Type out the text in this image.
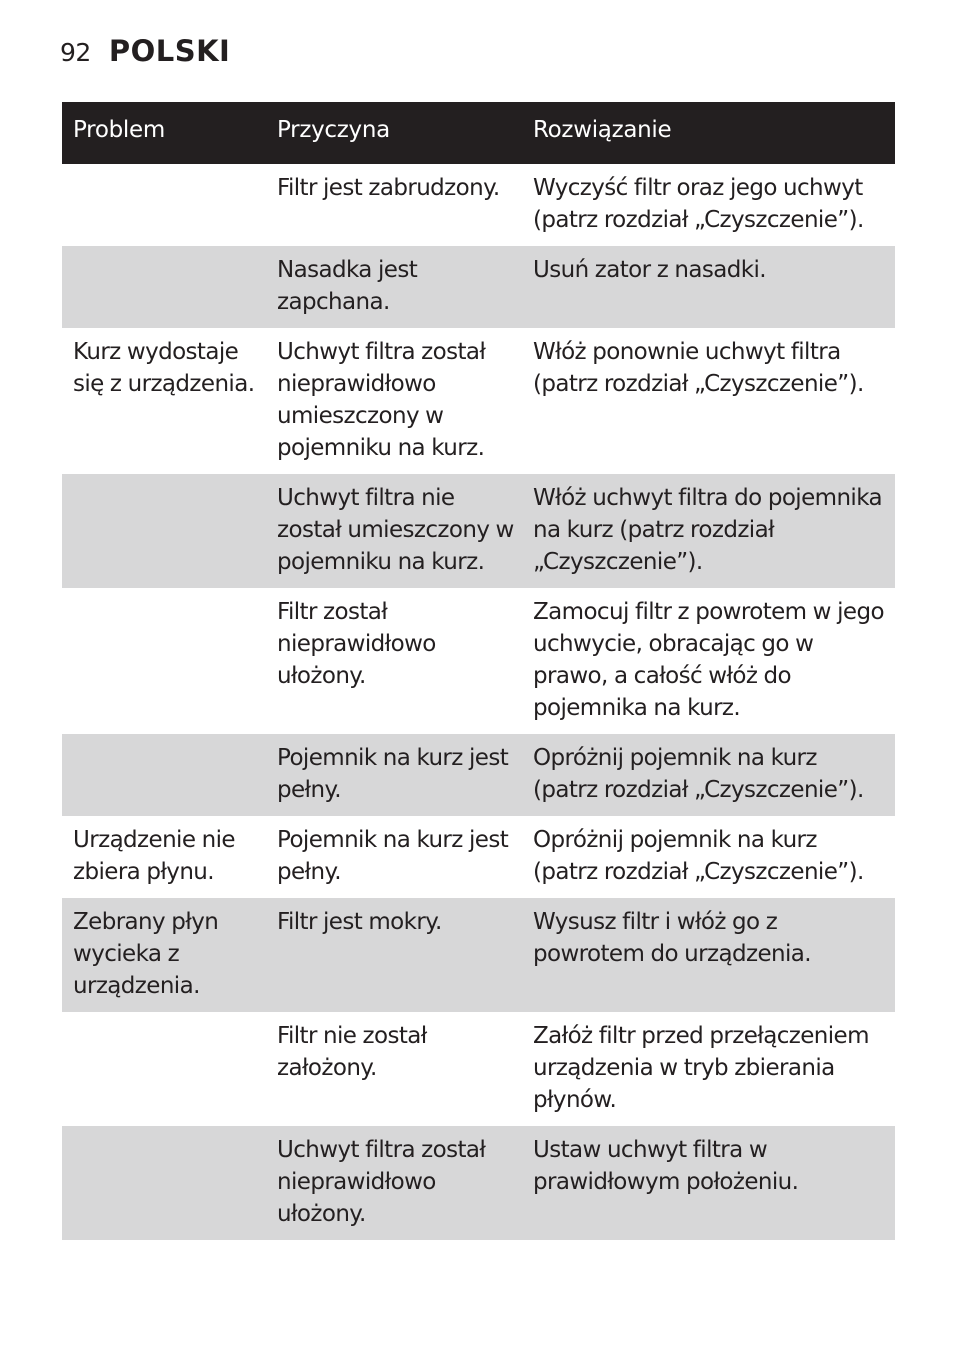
92 POLSKI
Problem	Przyczyna	Rozwiązanie
	Filtr jest zabrudzony.	Wyczyść filtr oraz jego uchwyt (patrz rozdział „Czyszczenie”).
	Nasadka jest zapchana.	Usuń zator z nasadki.
Kurz wydostaje się z urządzenia.	Uchwyt filtra został nieprawidłowo umieszczony w pojemniku na kurz.	Włóż ponownie uchwyt filtra (patrz rozdział „Czyszczenie”).
	Uchwyt filtra nie został umieszczony w pojemniku na kurz.	Włóż uchwyt filtra do pojemnika na kurz (patrz rozdział „Czyszczenie”).
	Filtr został nieprawidłowo ułożony.	Zamocuj filtr z powrotem w jego uchwycie, obracając go w prawo, a całość włóż do pojemnika na kurz.
	Pojemnik na kurz jest pełny.	Opróżnij pojemnik na kurz (patrz rozdział „Czyszczenie”).
Urządzenie nie zbiera płynu.	Pojemnik na kurz jest pełny.	Opróżnij pojemnik na kurz (patrz rozdział „Czyszczenie”).
Zebrany płyn wycieka z urządzenia.	Filtr jest mokry.	Wysusz filtr i włóż go z powrotem do urządzenia.
	Filtr nie został założony.	Załóż filtr przed przełączeniem urządzenia w tryb zbierania płynów.
	Uchwyt filtra został nieprawidłowo ułożony.	Ustaw uchwyt filtra w prawidłowym położeniu.
